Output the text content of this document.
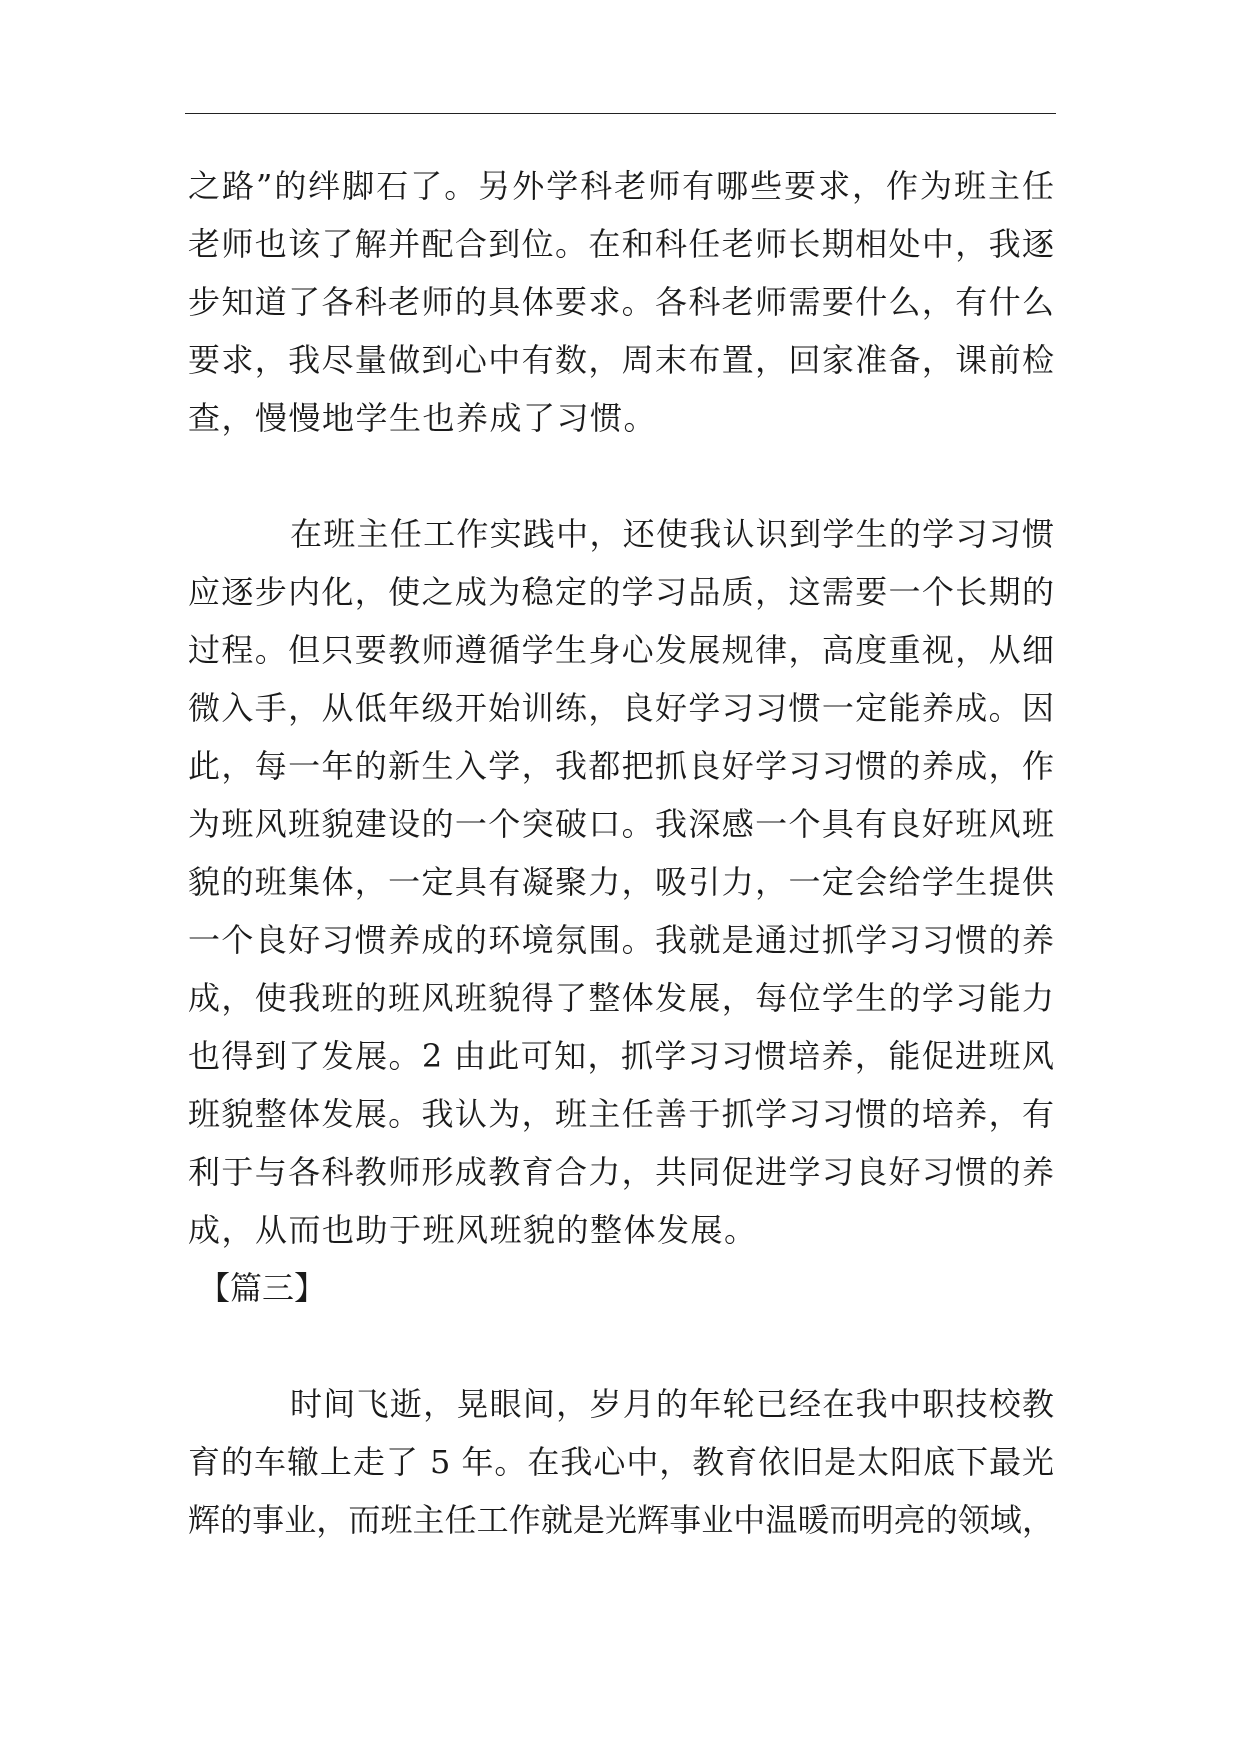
之路”的绊脚石了。另外学科老师有哪些要求，作为班主任
老师也该了解并配合到位。在和科任老师长期相处中，我逐
步知道了各科老师的具体要求。各科老师需要什么，有什么
要求，我尽量做到心中有数，周末布置，回家准备，课前检
查，慢慢地学生也养成了习惯。
在班主任工作实践中，还使我认识到学生的学习习惯
应逐步内化，使之成为稳定的学习品质，这需要一个长期的
过程。但只要教师遵循学生身心发展规律，高度重视，从细
微入手，从低年级开始训练，良好学习习惯一定能养成。因
此，每一年的新生入学，我都把抓良好学习习惯的养成，作
为班风班貌建设的一个突破口。我深感一个具有良好班风班
貌的班集体，一定具有凝聚力，吸引力，一定会给学生提供
一个良好习惯养成的环境氛围。我就是通过抓学习习惯的养
成，使我班的班风班貌得了整体发展，每位学生的学习能力
也得到了发展。2 由此可知，抓学习习惯培养，能促进班风
班貌整体发展。我认为，班主任善于抓学习习惯的培养，有
利于与各科教师形成教育合力，共同促进学习良好习惯的养
成，从而也助于班风班貌的整体发展。
【篇三】
时间飞逝，晃眼间，岁月的年轮已经在我中职技校教
育的车辙上走了 5 年。在我心中，教育依旧是太阳底下最光
辉的事业，而班主任工作就是光辉事业中温暖而明亮的领域，
